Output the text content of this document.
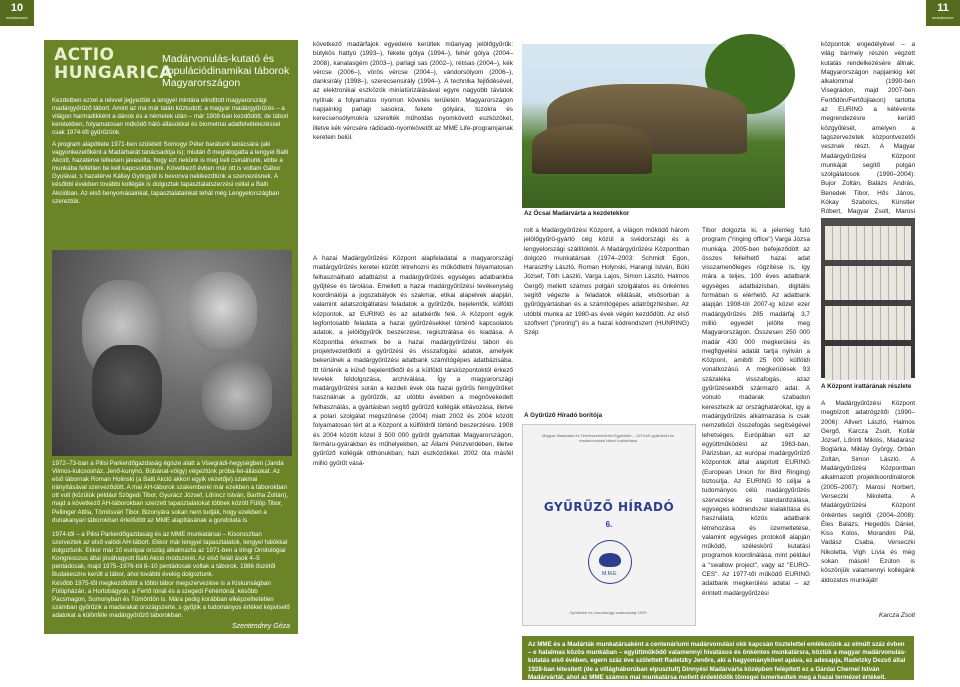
10
MADÁRBARÁT
11
MADÁRBARÁT
ACTIO
HUNGARICA
Madárvonulás-kutató és populációdinamikai táborok Magyarországon
Kezdetben ezzel a névvel jegyeztük a lengyel mintára elindított magyarországi madárgyűrűző tábort. Amint az ma már talán köztudott, a magyar madárgyűrűzés – a világon harmadikként a dánok és a németek után – már 1908-ban kezdődött, de tábori keretekben, folyamatosan működő háló-állásokkal és biometriai adatfelvételezéssel csak 1974-től gyűrűzünk.
A program alapötlete 1971-ben született Somogyi Péter barátunk tanácsára (aki vagyonkezelőként a Madárbarát tanácsadója is); miután ő meglátogatta a lengyel Balti Akciót, hazatérve lelkesen javasolta, hogy ezt nekünk is meg kell csinálnunk, ebbe a munkába feltétlen be kell kapcsolódnunk. Következő évben már ott is voltam Gábor Gyulával, s hazatérve Kállay Györgyöt is bevonva nekikezdtünk a szervezésnek. A későbbi években további kollégák is dolgoztak tapasztalatszerzési céllal a Balti Akcióban. Az első benyomásainkat, tapasztalatainkat tehát még Lengyelországban szereztük.
1972–73-ban a Pilisi Parkerdőgazdaság égisze alatt a Visegrádi-hegységben (Janda Vilmos-kulcsosház, Jenő-kunyhó, Bübánat-völgy) végeztünk próba-fel-állásokat. Az első tábornak Roman Holinski (a Balti Akció akkori egyik vezetője) szakmai irányításával szerveződött. A mai AH-táborok szakemberei már ezekben a táborokban ott volt (közülük például Szögedi Tibor, Gyurácz József, Lőrincz István, Bartha Zoltán), majd a következő AH-táborokban szerzett tapasztalatokat többek között Fülöp Tibor, Pellinger Attila, Tömösvári Tibor. Bizonyára sokan nem tudják, hogy ezekben a dunakanyari táborokban érlelődött az MME alapításának a gondolata is.
1974-től – a Pilisi Parkerdőgazdaság és az MME munkatársai – Kisoroszban szerveztek az első valódi AH-tábort. Ekkor már lengyel tapasztalatok, lengyel hálókkal dolgoztunk. Ekkor már 10 európai ország alkalmazta az 1971-ben a tringi Ornitológiai Kongresszus által jóváhagyott Balti Akció módszerét. Az első feláll ások 4–5 pentádosak, majd 1975–1976-tól 8–10 pentádosak voltak a táborok. 1986 őszétől Budakeszire került a tábor, ahol további évekig dolgoztunk.
Később 1975-től megkezdődött a többi tábor megszervezése is a Kiskunságban Fülöpházán, a Hortobágyon, a Fertő tónál és a szegedi Fehértónál, késõbb Pacsmagon, Sumonyban és Tömördön is. Mára pedig korábban elképzelhetetlen számban gyűrűzik a madarakat országszerte, s gyűjtik a tudományos értéket képviselő adatokat a különféle madárgyűrűző táborokban.
Szentendrey Géza
következő madárfajok egyedeire kerültek műanyag jelölőgyűrűk: bütykös hattyú (1993–), fekete gólya (1994–), fehér gólya (2004–2008), kanalasgém (2003–), parlagi sas (2002–), rétisas (2004–), kék vércse (2006–), vörös vércse (2004–), vándorsólyom (2006–), danksirály (1998–), szerecsensirály (1994–). A technika fejlődésével, az elektronikai eszközök miniatürizálásával egyre nagyobb távlatok nyílnak a folyamatos nyomon követés területén. Magyarországon napjainkig parlagi sasokra, fekete gólyára, túzokra és kerecsensólymokra szerelték műholdas nyomkövető eszközöket, illetve kék vércsére rádióadó-nyomkövetőt az MME Life-programjainak keretein belül.
A hazai Madárgyűrűzési Központ alapfeladatai a magyarországi madárgyűrűzés keretei között létrehozni és működtetni folyamatosan felhasználható adatbázist a madárgyűrűzés egységes adatbankba gyűjtése és tárolása. Emellett a hazai madárgyűrűzési tevékenység koordinálója a jogszabályok és szakmai, etikai alapelvek alapján, valamint adatszolgáltatási feladatok a gyűrűzők, bejelentők, külföldi központok, az EURING és az adatkérők felé. A Központ egyik legfontosabb feladata a hazai gyűrűzésekkel történő kapcsolatos adatok, a jelölőgyűrűk beszerzése, regisztrálása és kiadása. A Központba érkeznek be a hazai madárgyűrűzési tábori és projektvezetőktől a gyűrűzési és visszafogási adatok, amelyek bekerülnek a madárgyűrűzési adatbank számítógépes adatbázisába. Itt történik a külső bejelentőktől és a külföldi társközpontoktól érkező levelek feldolgozása, archiválása. Így a magyarországi madárgyűrűzési során a kezdeti évek óta hazai gyűrűs fémgyűrűket használnak a gyűrűzők, az utóbbi években a megnövekedett felhasználás, a gyártásban segítő gyűrűző kollégák eltávozása, illetve a polari szolgálat megszűnése (2004) miatt 2002 és 2004 között folyamatosan tért át a Központ a külföldről történő beszerzésre. 1908 és 2004 között közel 3 500 000 gyűrűt gyártottak Magyarországon, férmáru-gyárakban és műhelyekben, az Állami Pénzverdében, illetve gyűrűző kollégák otthonukban, házi eszközökkel. 2002 óta másfél millió gyűrűt vásá-
Az Ócsai Madárvárta a kezdetekkor
rolt a Madárgyűrűzési Központ, a világon működő három jelölőgyűrű-gyártó cég közül a svédországi és a lengyelországi szállítóktól. A Madárgyűrűzési Központban dolgozó munkatársak (1974–2003: Schmidt Egon, Haraszthy László, Roman Holynski, Harangi István, Büki József, Tóth László, Varga Lajos, Simon László, Halmos Gergő) mellett számos polgári szolgálatos és önkéntes segítő végezte a feladatok ellátását, elsősorban a gyűrűgyártásban és a számítógépes adatrögzítésben. Az utóbbi munka az 1980-as évek végén kezdődött. Az első szoftvert ("proring") és a hazai kódrendszert (HUNRING) Szép
A Gyűrűző Híradó borítója
Magyar Madártani és Természetvédelmi Egyesület – 1974-től gyűrűzési és madárvonulási tábori tudósításai
GYŰRŰZŐ HÍRADÓ
6.
M.M.E.
Gyűrűzési és vonulásügyi szakosztály 1992
Tibor dolgozta ki, a jelenleg futó program ("ringing office") Varga Józsa munkája. 2005-ben befejeződött az összes fellelhető hazai adat visszamenőleges rögzítése is, így mára a teljes, 100 éves adatbank egységes adatbázisban, digitális formában is elérhető. Az adatbank alapján 1908-tól 2007-ig közel ezer madárgyűrűzés 285 madárfaj 3,7 millió egyedét jelölte meg Magyarországon. Összesen 250 000 madár 430 000 megkerülési és megfigyelési adatát tartja nyilván a Központ, amiből 25 000 külföldi vonatkozású. A megkerülések 93 százaléka visszafogás, azaz gyűrűzésekből származó adat. A vonuló madarak szabadon keresztezik az országhatárokat, így a madárgyűrűzés alkalmazása is csak nemzetközi összefogás segítségével lehetséges. Európában ezt az együttműködést az 1963-ban, Párizsban, az európai madárgyűrűző központok által alapított EURING (European Union for Bird Ringing) biztosítja. Az EURING fő céljai a tudományos célú madárgyűrűzés szervezése és standardizálása, egységes kódrendszer kialakítása és használata, közös adatbank létrehozása és üzemeltetése, valamint egységes protokoll alapján működő, széleskörű kutatási programok koordinálása, mint például a "swallow project", vagy az "EURO-CES". Az 1977-től működő EURING adatbank megkerülési adatai – az érintett madárgyűrűzési
központok engedélyével – a világ bármely részén végzett kutatás rendelkezésére állnak. Magyarországon napjainkig két alkalommal (1990-ben Visegrádon, majd 2007-ben Fertődön/Fertőújlakon) tartotta az EURING a kétévente megrendezésre kerülő közgyűlését, amelyen a tagszervezetek központvezetői vesznek részt. A Magyar Madárgyűrűzési Központ munkáját segítő polgári szolgálatosok (1990–2004): Bujor Zoltán, Balázs András, Benedek Tibor, Hős János, Kókay Szabolcs, Künstler Róbert, Magyar Zsolt, Marosi
A Központ irattárának részlete
A Madárgyűrűzési Központ megbízott adatrögzítői (1990–2006): Allvert László, Halmos Gergő, Karcza Zsolt, Kollár József, Lőrinti Miklós, Madarász Boglárka, Miklay György, Orbán Zoltán, Simon László. A Madárgyűrűzési Központban alkalmazott projektkoordinátorok (2005–2007): Marosi Norbert, Verseczki Nikoletta. A Madárgyűrűzési Központ önkéntes segítői (2004–2008): Éles Balázs, Hegedűs Dániel, Kiss Kolos, Morandini Pál, Vadász Csaba, Verseczki Nikoletta, Vigh Lívia és még sokan mások! Ezúton is köszönjük valamennyi kollégánk áldozatos munkáját!
Karcza Zsolt
Az MME és a Madárták munkatársaként a centenáriumi madárvonulási okk kapcsán tisztelettel emlékezünk az elmúlt száz évben – e hatalmas közös munkában – együttműködő valamennyi hivatásos és önkéntes munkatársra, köztük a magyar madárvonulás-kutatás első évében, egern száz éve születtett Radetzky Jenőre, aki a hagyománykövet apáva, ez adesapja, Radetzky Dezső által 1928-ban létesített (de a villágháborúban elpusztult) Dinnyési Madárvárta középben felépített ez a Gárdai Chernel István Madárvártát, ahol az MME számos mai munkatársa mellett érdeklődők tömegei ismerkedtek meg a hazai termézet értékeit.
